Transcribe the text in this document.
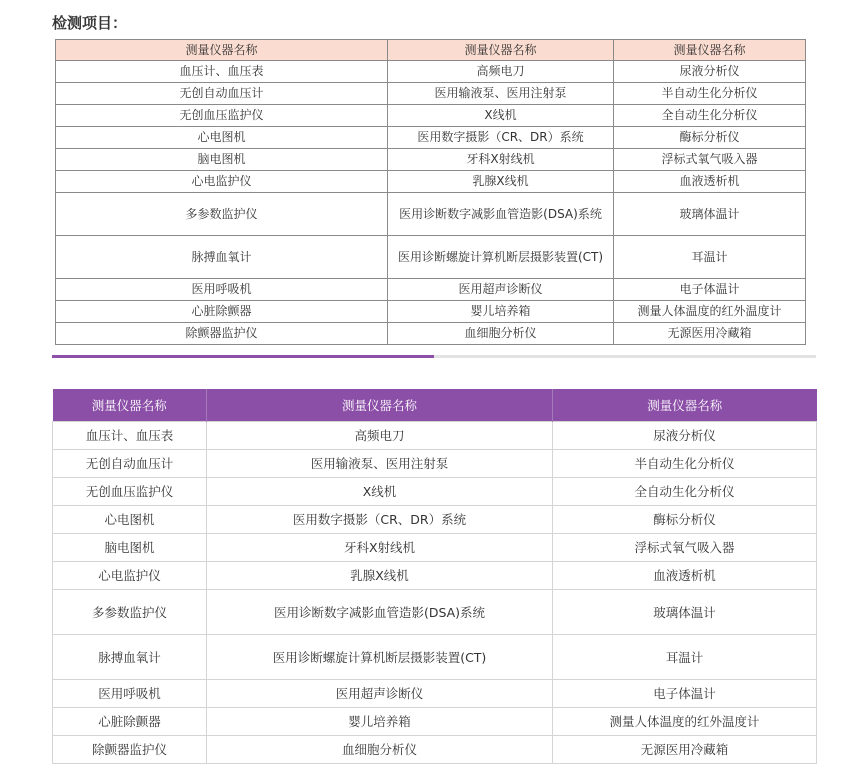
检测项目：
测量仪器名称	测量仪器名称	测量仪器名称
血压计、血压表	高频电刀	尿液分析仪
无创自动血压计	医用输液泵、医用注射泵	半自动生化分析仪
无创血压监护仪	X线机	全自动生化分析仪
心电图机	医用数字摄影（CR、DR）系统	酶标分析仪
脑电图机	牙科X射线机	浮标式氧气吸入器
心电监护仪	乳腺X线机	血液透析机
多参数监护仪	医用诊断数字减影血管造影(DSA)系统	玻璃体温计
脉搏血氧计	医用诊断螺旋计算机断层摄影装置(CT)	耳温计
医用呼吸机	医用超声诊断仪	电子体温计
心脏除颤器	婴儿培养箱	测量人体温度的红外温度计
除颤器监护仪	血细胞分析仪	无源医用冷藏箱
测量仪器名称	测量仪器名称	测量仪器名称
血压计、血压表	高频电刀	尿液分析仪
无创自动血压计	医用输液泵、医用注射泵	半自动生化分析仪
无创血压监护仪	X线机	全自动生化分析仪
心电图机	医用数字摄影（CR、DR）系统	酶标分析仪
脑电图机	牙科X射线机	浮标式氧气吸入器
心电监护仪	乳腺X线机	血液透析机
多参数监护仪	医用诊断数字减影血管造影(DSA)系统	玻璃体温计
脉搏血氧计	医用诊断螺旋计算机断层摄影装置(CT)	耳温计
医用呼吸机	医用超声诊断仪	电子体温计
心脏除颤器	婴儿培养箱	测量人体温度的红外温度计
除颤器监护仪	血细胞分析仪	无源医用冷藏箱
